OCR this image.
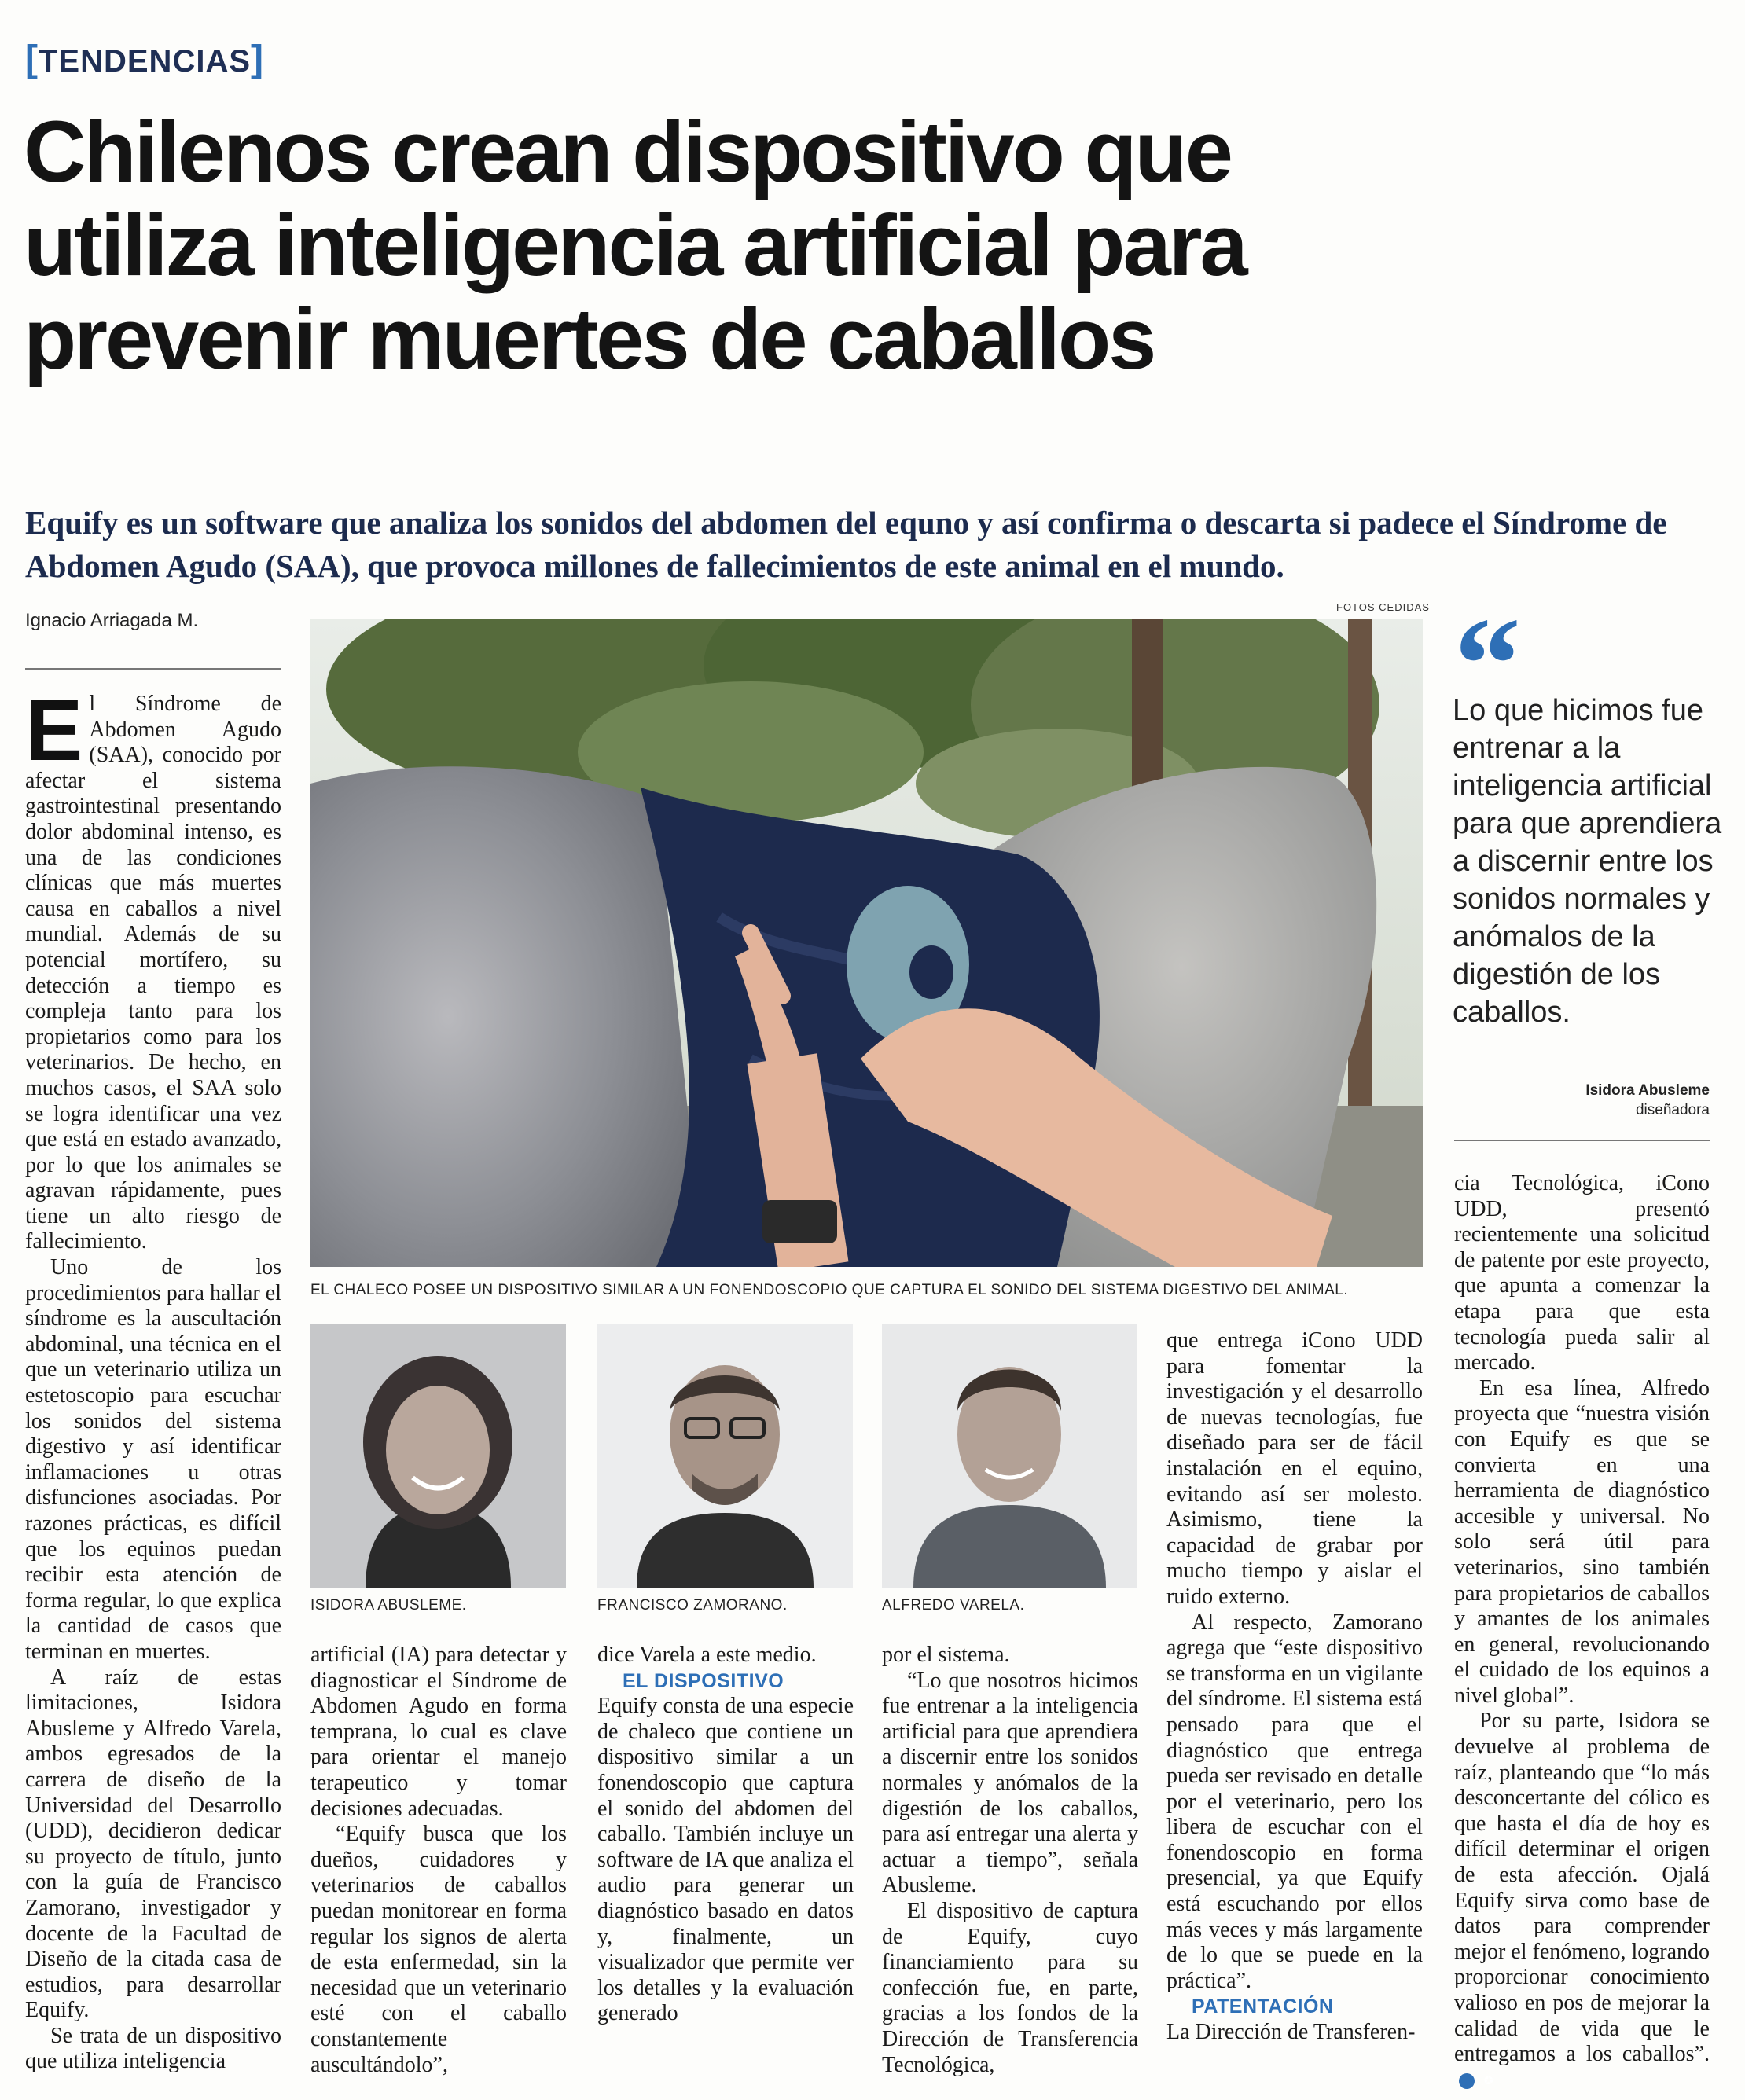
[TENDENCIAS]
Chilenos crean dispositivo que
utiliza inteligencia artificial para
prevenir muertes de caballos

Equify es un software que analiza los sonidos del abdomen del equno y así confirma o descarta si padece el Síndrome de Abdomen Agudo (SAA), que provoca millones de fallecimientos de este animal en el mundo.

Ignacio Arriagada M.
FOTOS CEDIDAS
EL CHALECO POSEE UN DISPOSITIVO SIMILAR A UN FONENDOSCOPIO QUE CAPTURA EL SONIDO DEL SISTEMA DIGESTIVO DEL ANIMAL.
ISIDORA ABUSLEME.	FRANCISCO ZAMORANO.	ALFREDO VARELA.
“
Lo que hicimos fue entrenar a la inteligencia artificial para que aprendiera a discernir entre los sonidos normales y anómalos de la digestión de los caballos.
Isidora Abusleme
diseñadora

El Síndrome de Abdomen Agudo (SAA), conocido por afectar el sistema gastrointestinal presentando dolor abdominal intenso, es una de las condiciones clínicas que más muertes causa en caballos a nivel mundial. Además de su potencial mortífero, su detección a tiempo es compleja tanto para los propietarios como para los veterinarios. De hecho, en muchos casos, el SAA solo se logra identificar una vez que está en estado avanzado, por lo que los animales se agravan rápidamente, pues tiene un alto riesgo de fallecimiento.

Uno de los procedimientos para hallar el síndrome es la auscultación abdominal, una técnica en el que un veterinario utiliza un estetoscopio para escuchar los sonidos del sistema digestivo y así identificar inflamaciones u otras disfunciones asociadas. Por razones prácticas, es difícil que los equinos puedan recibir esta atención de forma regular, lo que explica la cantidad de casos que terminan en muertes.

A raíz de estas limitaciones, Isidora Abusleme y Alfredo Varela, ambos egresados de la carrera de diseño de la Universidad del Desarrollo (UDD), decidieron dedicar su proyecto de título, junto con la guía de Francisco Zamorano, investigador y docente de la Facultad de Diseño de la citada casa de estudios, para desarrollar Equify.

Se trata de un dispositivo que utiliza inteligencia

artificial (IA) para detectar y diagnosticar el Síndrome de Abdomen Agudo en forma temprana, lo cual es clave para orientar el manejo terapeutico y tomar decisiones adecuadas.

“Equify busca que los dueños, cuidadores y veterinarios de caballos puedan monitorear en forma regular los signos de alerta de esta enfermedad, sin la necesidad que un veterinario esté con el caballo constantemente auscultándolo”,

dice Varela a este medio.

EL DISPOSITIVO

Equify consta de una especie de chaleco que contiene un dispositivo similar a un fonendoscopio que captura el sonido del abdomen del caballo. También incluye un software de IA que analiza el audio para generar un diagnóstico basado en datos y, finalmente, un visualizador que permite ver los detalles y la evaluación generado

por el sistema.

“Lo que nosotros hicimos fue entrenar a la inteligencia artificial para que aprendiera a discernir entre los sonidos normales y anómalos de la digestión de los caballos, para así entregar una alerta y actuar a tiempo”, señala Abusleme.

El dispositivo de captura de Equify, cuyo financiamiento para su confección fue, en parte, gracias a los fondos de la Dirección de Transferencia Tecnológica,

que entrega iCono UDD para fomentar la investigación y el desarrollo de nuevas tecnologías, fue diseñado para ser de fácil instalación en el equino, evitando así ser molesto. Asimismo, tiene la capacidad de grabar por mucho tiempo y aislar el ruido externo.

Al respecto, Zamorano agrega que “este dispositivo se transforma en un vigilante del síndrome. El sistema está pensado para que el diagnóstico que entrega pueda ser revisado en detalle por el veterinario, pero los libera de escuchar con el fonendoscopio en forma presencial, ya que Equify está escuchando por ellos más veces y más largamente de lo que se puede en la práctica”.

PATENTACIÓN

La Dirección de Transferen-

cia Tecnológica, iCono UDD, presentó recientemente una solicitud de patente por este proyecto, que apunta a comenzar la etapa para que esta tecnología pueda salir al mercado.

En esa línea, Alfredo proyecta que “nuestra visión con Equify es que se convierta en una herramienta de diagnóstico accesible y universal. No solo será útil para veterinarios, sino también para propietarios de caballos y amantes de los animales en general, revolucionando el cuidado de los equinos a nivel global”.

Por su parte, Isidora se devuelve al problema de raíz, planteando que “lo más desconcertante del cólico es que hasta el día de hoy es difícil determinar el origen de esta afección. Ojalá Equify sirva como base de datos para comprender mejor el fenómeno, logrando proporcionar conocimiento valioso en pos de mejorar la calidad de vida que le entregamos a los caballos”.✪
